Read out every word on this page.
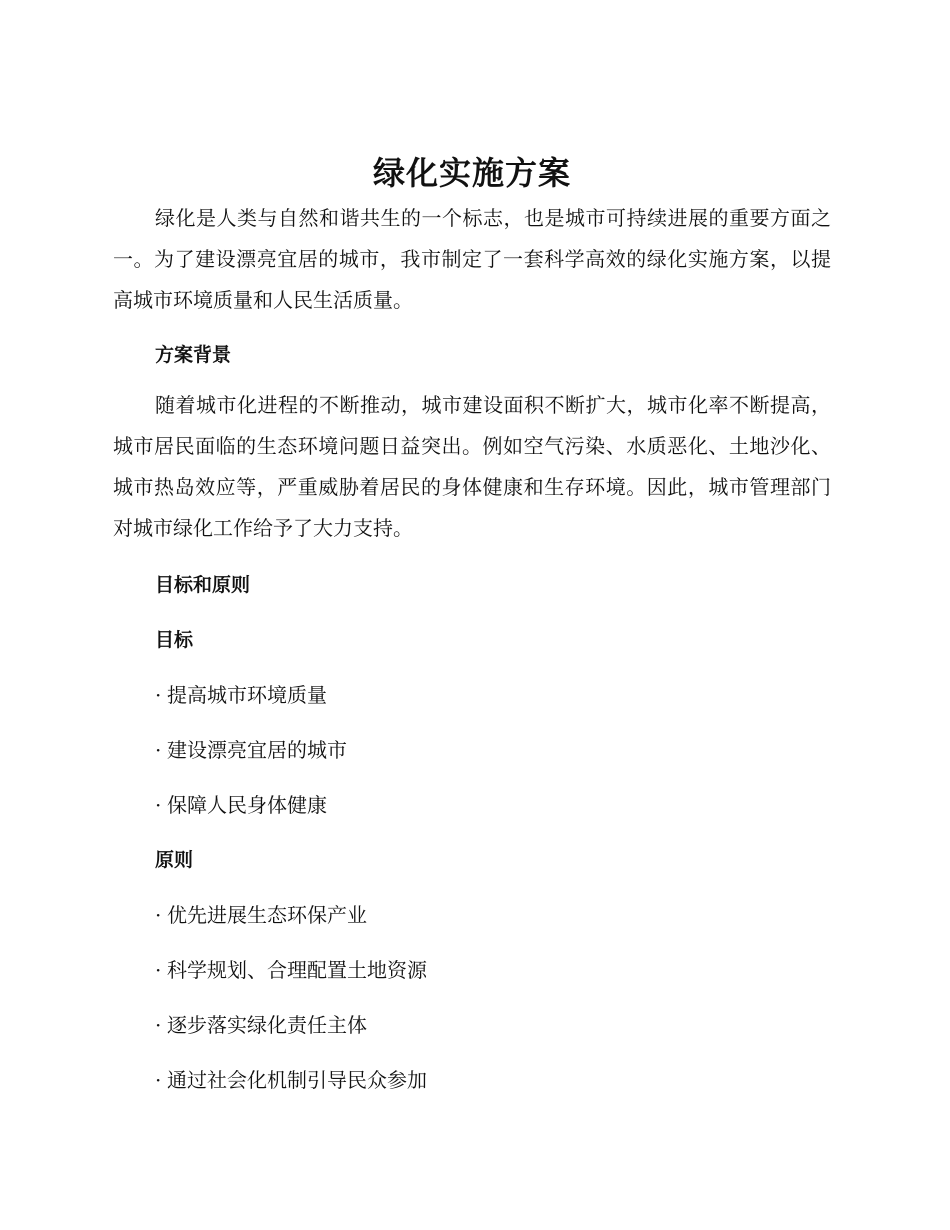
绿化实施方案

绿化是人类与自然和谐共生的一个标志，也是城市可持续进展的重要方面之一。为了建设漂亮宜居的城市，我市制定了一套科学高效的绿化实施方案，以提高城市环境质量和人民生活质量。

方案背景

随着城市化进程的不断推动，城市建设面积不断扩大，城市化率不断提高，城市居民面临的生态环境问题日益突出。例如空气污染、水质恶化、土地沙化、城市热岛效应等，严重威胁着居民的身体健康和生存环境。因此，城市管理部门对城市绿化工作给予了大力支持。

目标和原则

目标

· 提高城市环境质量

· 建设漂亮宜居的城市

· 保障人民身体健康

原则

· 优先进展生态环保产业

· 科学规划、合理配置土地资源

· 逐步落实绿化责任主体

· 通过社会化机制引导民众参加
